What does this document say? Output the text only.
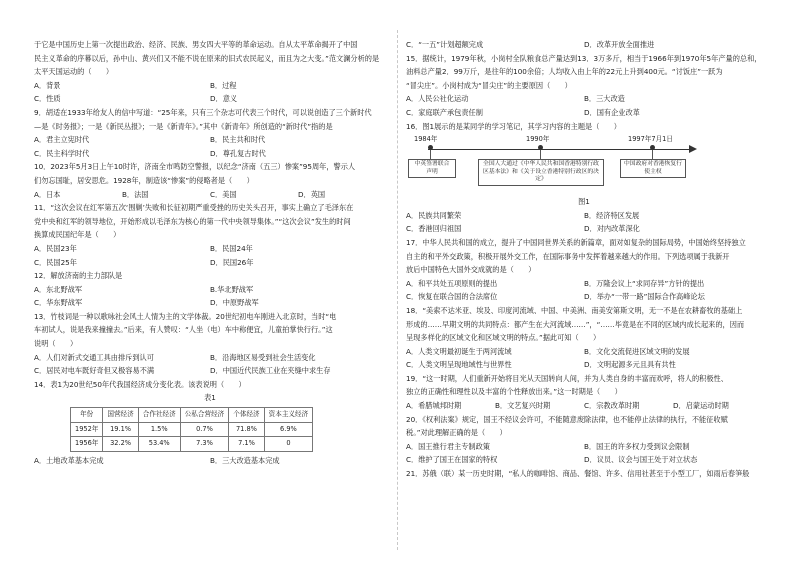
于它是中国历史上第一次提出政治、经济、民族、男女四大平等的革命运动。自从太平革命揭开了中国

民主义革命的序幕以后，孙中山、黄兴们又不能不说在原来的旧式农民起义，而且为之大变。”范文澜分析的是

太平天国运动的（　　）

A．背景	B．过程
C．性质	D．意义

9．胡适在1933年给友人的信中写道：“25年来，只有三个杂志可代表三个时代，可以说创造了三个新时代

—是《时务报》；一是《新民丛报》；一是《新青年》。”其中《新青年》所创造的“新时代”指的是

A．君主立宪时代	B．民主共和时代
C．民主科学时代	D．尊孔复古时代

10．2023年5月3日上午10时许，济南全市鸣防空警报，以纪念“济南（五三）惨案”95周年，警示人

们勿忘国耻，居安思危。1928年，制造该“惨案”的侵略者是（　　）

A．日本	B．法国	C．美国	D．英国

11．“这次会议在红军第五次‘围剿’失败和长征初期严重受挫的历史关头召开，事实上确立了毛泽东在

党中央和红军的领导地位，开始形成以毛泽东为核心的第一代中央领导集体。”“这次会议”发生的时间

换算成民国纪年是（　　）

A．民国23年	B．民国24年
C．民国25年	D．民国26年

12．解放济南的主力部队是

A．东北野战军	B.华北野战军
C．华东野战军	D．中原野战军

13．竹枝词是一种以歌咏社会风土人情为主的文学体裁。20世纪初电车刚进入北京时，当时“电

车初试人，说是我来撞撞去。”后来，有人赞叹：“人坐（电）车中称便宜，儿童拍掌快行行。”这

说明（　　）

A．人们对新式交通工具由排斥到认可	B．沿海地区易受到社会生活变化
C．居民对电车既好奇但又极容易不满	D．中国近代民族工业在夹缝中求生存

14．表1为20世纪50年代我国经济成分变化表。该表说明（　　）

表1

年份	国营经济	合作社经济	公私合营经济	个体经济	资本主义经济
1952年	19.1%	1.5%	0.7%	71.8%	6.9%
1956年	32.2%	53.4%	7.3%	7.1%	0
A．土地改革基本完成	B．三大改造基本完成
C．“一五”计划超额完成	D．改革开放全面推进

15．据统计，1979年秋，小岗村全队粮食总产量达到13．3万多斤，相当于1966年到1970年5年产量的总和，

油料总产量2．99万斤，是往年的100余倍；人均收入由上年的22元上升到400元。“讨饭庄”一跃为

“冒尖庄”。小岗村成为“冒尖庄”的主要原因（　　）

A．人民公社化运动	B．三大改造
C．家庭联产承包责任制	D．国有企业改革

16．图1展示的是某同学的学习笔记，其学习内容的主题是（　　）

1984年	1990年	1997年7月1日
中英签署联合声明
全国人大通过《中华人民共和国香港特别行政区基本法》和《关于设立香港特别行政区的决定》
中国政府对香港恢复行使主权

图1

A．民族共同繁荣	B．经济特区发展
C．香港回归祖国	D．对内改革深化

17．中华人民共和国的成立，提升了中国同世界关系的新篇章，面对如复杂的国际局势，中国始终坚持独立

自主的和平外交政策，积极开展外交工作，在国际事务中发挥着越来越大的作用。下列选项属于我新开

放后中国特色大国外交成就的是（　　）

A．和平共处五项原则的提出	B．万隆会议上“求同存异”方针的提出
C．恢复在联合国的合法席位	D．举办“一带一路”国际合作高峰论坛

18．“美索不达米亚、埃及、印度河流域、中国、中美洲、南美安第斯文明，无一不是在农耕畜牧的基础上

形成的……早期文明的共同特点：都产生在大河流域……”，“……毕竟是在不同的区域内成长起来的，因而

呈现多样化的区域文化和区域文明的特点。”据此可知（　　）

A．人类文明最初诞生于两河流域	B．文化交流促进区域文明的发展
C．人类文明呈现地域性与世界性	D．文明起源多元且具有共性

19．“这一时期，人们重新开始将目光从天国转向人间，并为人类自身的丰富而欢呼，将人的积极性、

独立的正确性和理性以及丰富的个性释放出来。”这一时期是（　　）

A．希腊城邦时期	B．文艺复兴时期	C．宗教改革时期	D．启蒙运动时期

20．《权利法案》规定，国王不经议会许可，不能随意废除法律，也不能停止法律的执行，不能征收赋

税。”对此理解正确的是（　　）

A．国王推行君主专制政策	B．国王的许多权力受到议会限制
C．维护了国王在国家的特权	D．议员、议会与国王处于对立状态

21．苏俄（联）某一历史时期，“私人的咖啡馆、商品、餐馆、许多、信用社甚至于小型工厂，如雨后春笋般
